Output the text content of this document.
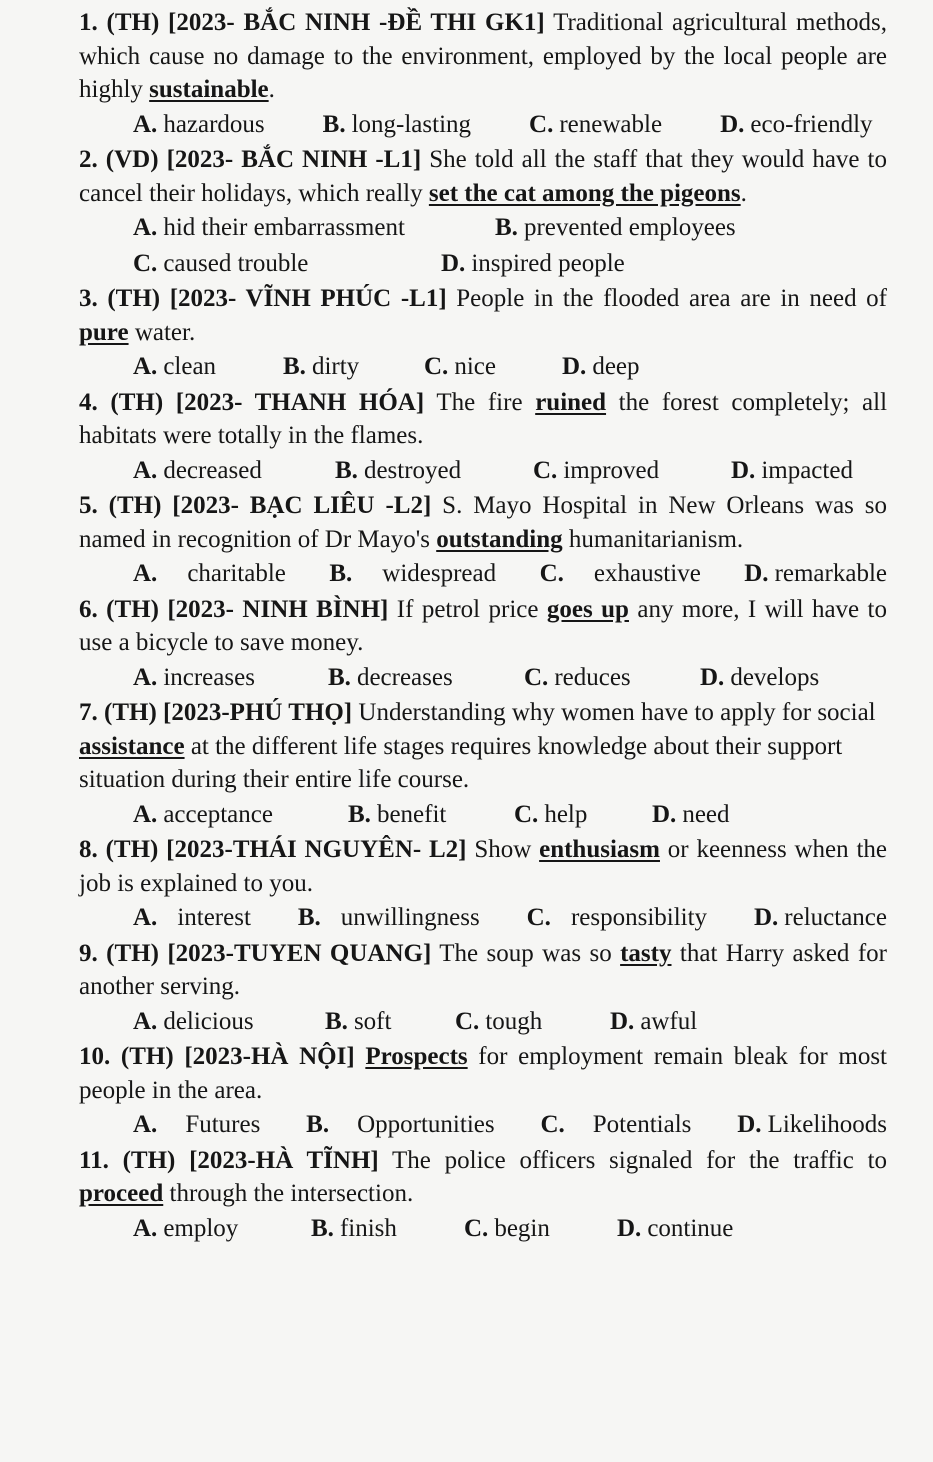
1. (TH) [2023- BẮC NINH -ĐỀ THI GK1] Traditional agricultural methods, which cause no damage to the environment, employed by the local people are highly sustainable.

A. hazardous B. long-lasting C. renewable D. eco-friendly

2. (VD) [2023- BẮC NINH -L1] She told all the staff that they would have to cancel their holidays, which really set the cat among the pigeons.

A. hid their embarrassment	B. prevented employees
C. caused trouble	D. inspired people

3. (TH) [2023- VĨNH PHÚC -L1] People in the flooded area are in need of pure water.

A. clean	B. dirty	C. nice	D. deep

4. (TH) [2023- THANH HÓA] The fire ruined the forest completely; all habitats were totally in the flames.

A. decreased	B. destroyed	C. improved	D. impacted

5. (TH) [2023- BẠC LIÊU -L2] S. Mayo Hospital in New Orleans was so named in recognition of Dr Mayo's outstanding humanitarianism.

A. charitable B. widespread C. exhaustive D. remarkable

6. (TH) [2023- NINH BÌNH] If petrol price goes up any more, I will have to use a bicycle to save money.

A. increases	B. decreases	C. reduces	D. develops

7. (TH) [2023-PHÚ THỌ] Understanding why women have to apply for social assistance at the different life stages requires knowledge about their support situation during their entire life course.

A. acceptance	B. benefit	C. help	D. need

8. (TH) [2023-THÁI NGUYÊN- L2] Show enthusiasm or keenness when the job is explained to you.

A. interest B. unwillingness C. responsibility D. reluctance

9. (TH) [2023-TUYEN QUANG] The soup was so tasty that Harry asked for another serving.

A. delicious	B. soft	C. tough	D. awful

10. (TH) [2023-HÀ NỘI] Prospects for employment remain bleak for most people in the area.

A. Futures B. Opportunities C. Potentials D. Likelihoods

11. (TH) [2023-HÀ TĨNH] The police officers signaled for the traffic to proceed through the intersection.

A. employ	B. finish	C. begin	D. continue
